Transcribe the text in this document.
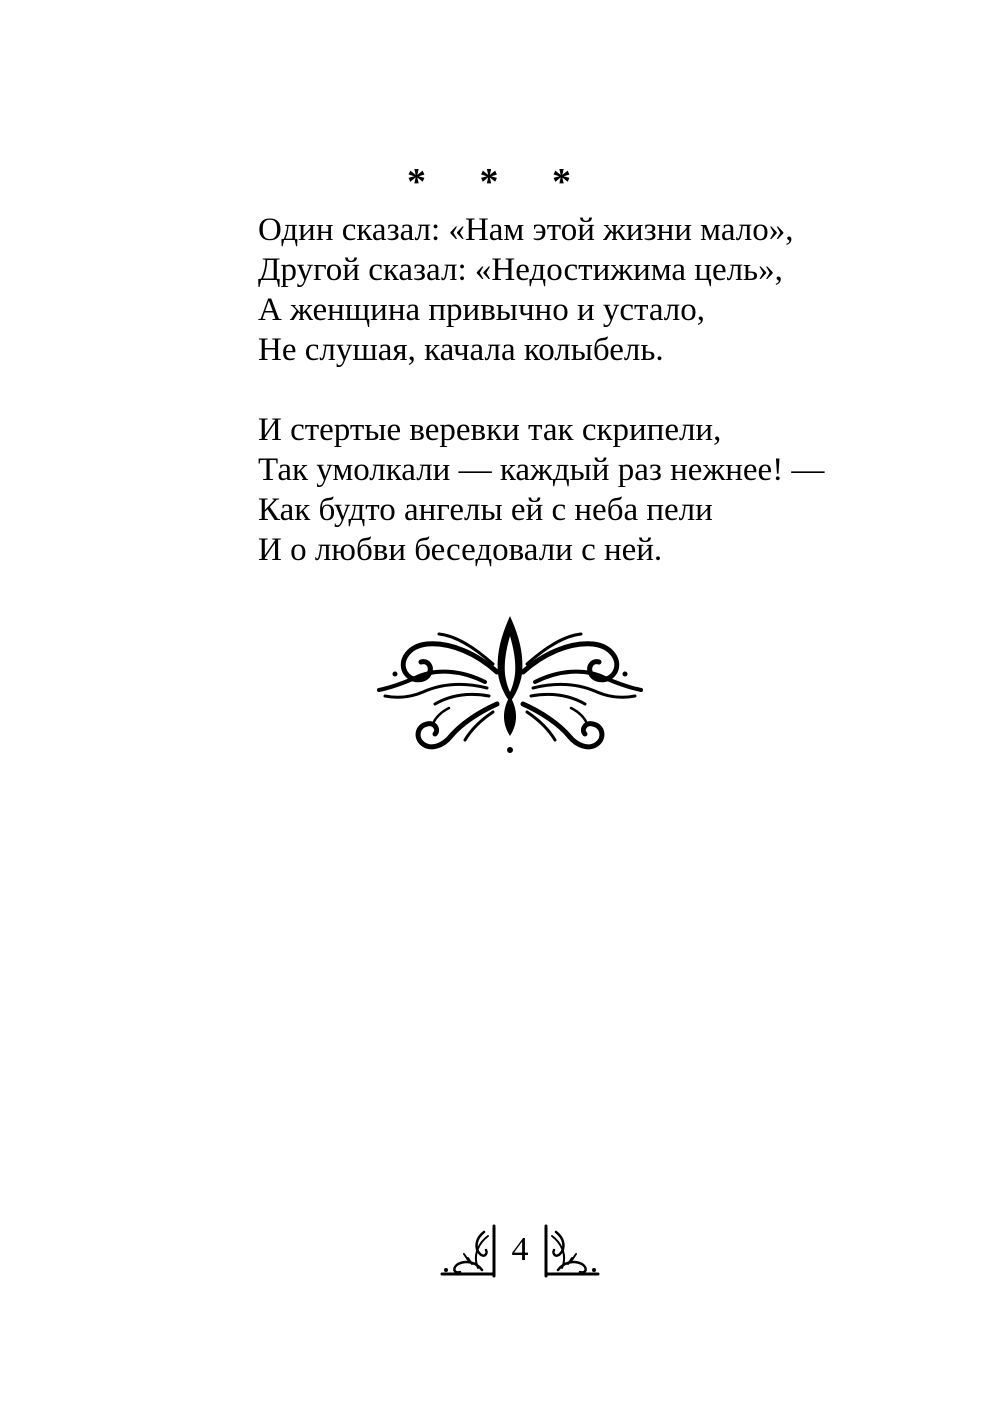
* * *
Один сказал: «Нам этой жизни мало»,
Другой сказал: «Недостижима цель»,
А женщина привычно и устало,
Не слушая, качала колыбель.
И стертые веревки так скрипели,
Так умолкали — каждый раз нежнее! —
Как будто ангелы ей с неба пели
И о любви беседовали с ней.
4
